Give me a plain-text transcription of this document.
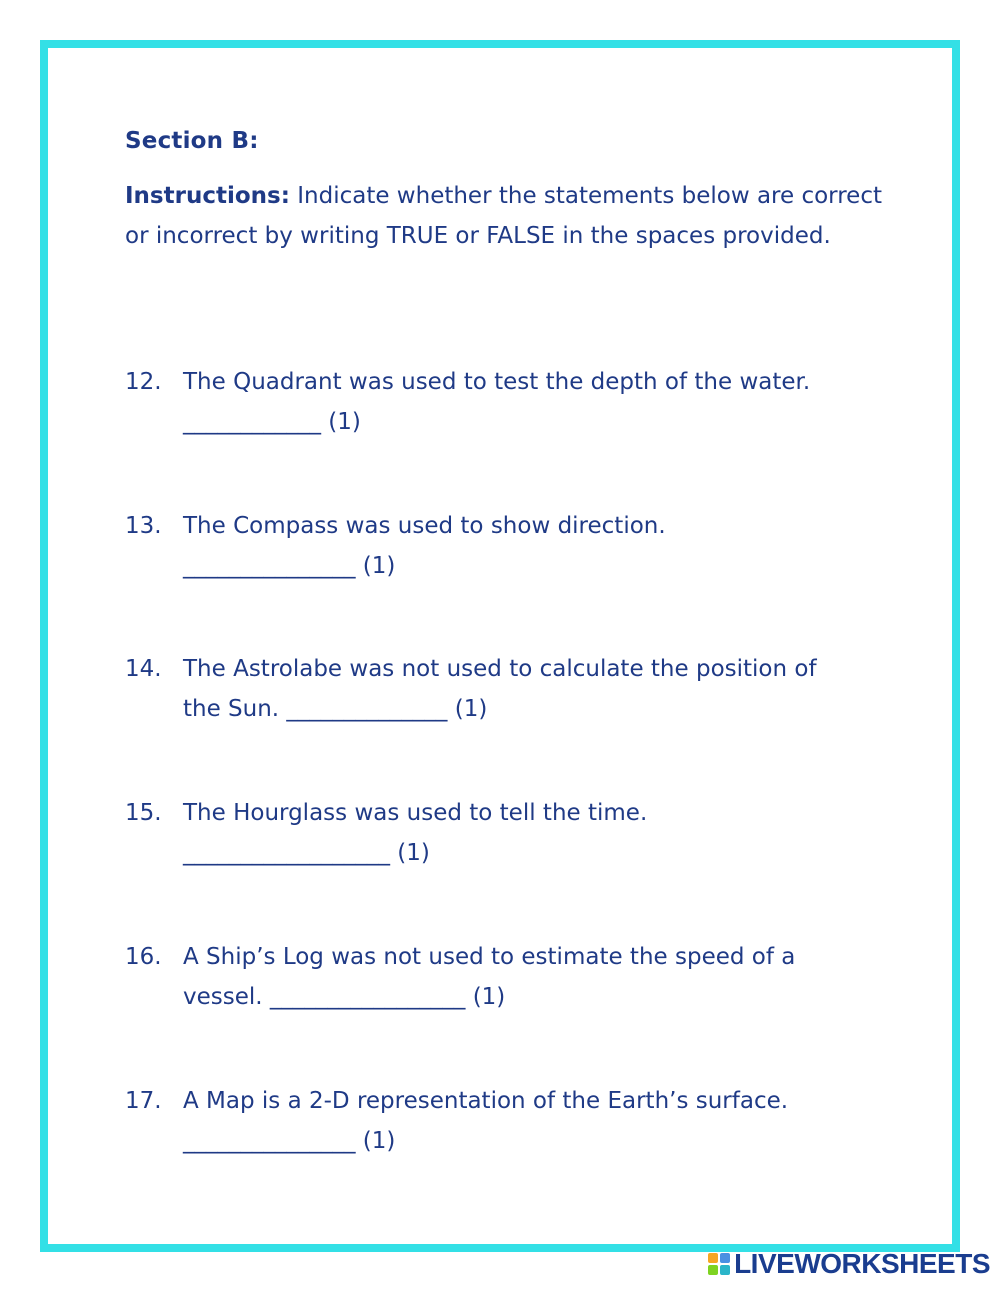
Section B:
Instructions: Indicate whether the statements below are correct or incorrect by writing TRUE or FALSE in the spaces provided.
12. The Quadrant was used to test the depth of the water.
____________ (1)
13. The Compass was used to show direction.
_______________ (1)
14. The Astrolabe was not used to calculate the position of
the Sun. ______________ (1)
15. The Hourglass was used to tell the time.
__________________ (1)
16. A Ship’s Log was not used to estimate the speed of a
vessel. _________________ (1)
17. A Map is a 2-D representation of the Earth’s surface.
_______________ (1)
LIVEWORKSHEETS
